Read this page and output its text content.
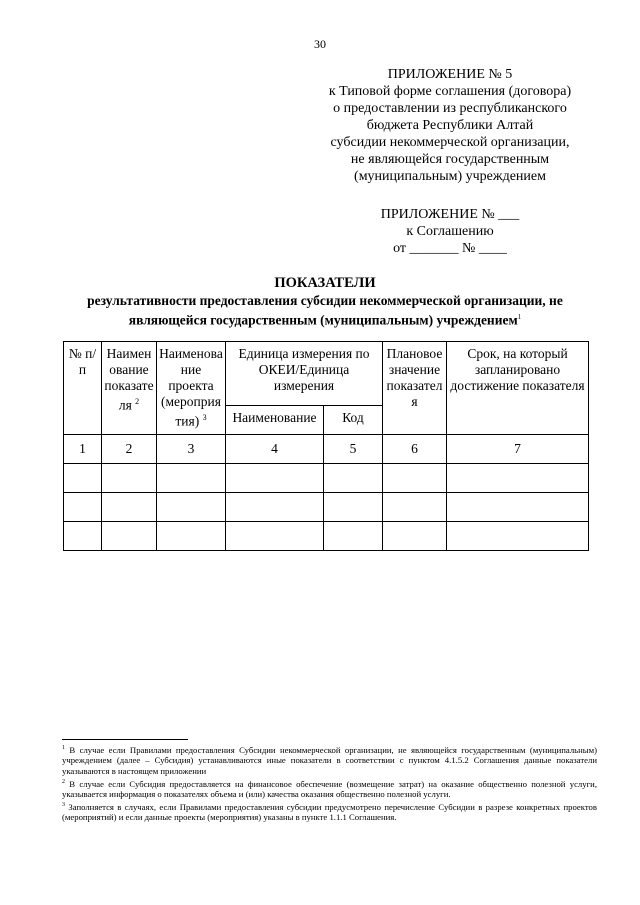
30
ПРИЛОЖЕНИЕ № 5
к Типовой форме соглашения (договора)
о предоставлении из республиканского
бюджета Республики Алтай
субсидии некоммерческой организации,
не являющейся государственным
(муниципальным) учреждением
ПРИЛОЖЕНИЕ № ___
к Соглашению
от _______ № ____
ПОКАЗАТЕЛИ
результативности предоставления субсидии некоммерческой организации, не являющейся государственным (муниципальным) учреждением$^1$
№ п/п	Наименование показателя $^2$	Наименование проекта (мероприятия) $^3$	Единица измерения по ОКЕИ/Единица измерения		Плановое значение показателя	Срок, на который запланировано достижение показателя
			Наименование	Код		
1	2	3	4	5	6	7

$^1$ В случае если Правилами предоставления Субсидии некоммерческой организации, не являющейся государственным (муниципальным) учреждением (далее – Субсидия) устанавливаются иные показатели в соответствии с пунктом 4.1.5.2 Соглашения данные показатели указываются в настоящем приложении

$^2$ В случае если Субсидия предоставляется на финансовое обеспечение (возмещение затрат) на оказание общественно полезной услуги, указывается информация о показателях объема и (или) качества оказания общественно полезной услуги.

$^3$ Заполняется в случаях, если Правилами предоставления субсидии предусмотрено перечисление Субсидии в разрезе конкретных проектов (мероприятий) и если данные проекты (мероприятия) указаны в пункте 1.1.1 Соглашения.
